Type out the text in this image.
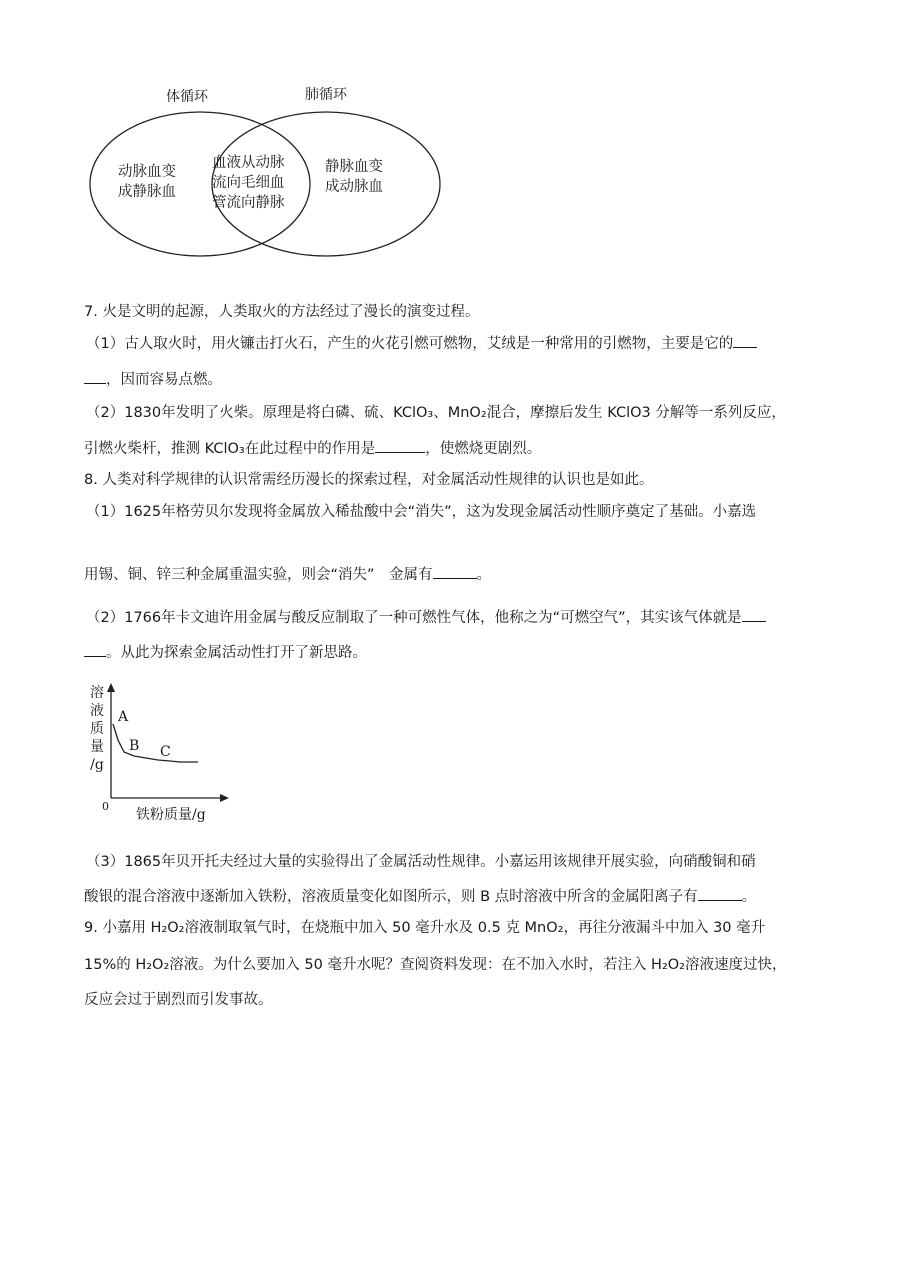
体循环	肺循环
动脉血变
成静脉血
血液从动脉
流向毛细血
管流向静脉
静脉血变
成动脉血
7. 火是文明的起源，人类取火的方法经过了漫长的演变过程。
（1）古人取火时，用火镰击打火石，产生的火花引燃可燃物，艾绒是一种常用的引燃物，主要是它的
，因而容易点燃。
（2）1830年发明了火柴。原理是将白磷、硫、KClO₃、MnO₂混合，摩擦后发生 KClO3 分解等一系列反应，
引燃火柴杆，推测 KClO₃在此过程中的作用是	，使燃烧更剧烈。
8. 人类对科学规律的认识常需经历漫长的探索过程，对金属活动性规律的认识也是如此。
（1）1625年格劳贝尔发现将金属放入稀盐酸中会“消失”，这为发现金属活动性顺序奠定了基础。小嘉选
用锡、铜、锌三种金属重温实验，则会“消失”　金属有	。
（2）1766年卡文迪许用金属与酸反应制取了一种可燃性气体，他称之为“可燃空气”，其实该气体就是
。从此为探索金属活动性打开了新思路。
溶
液
质
量
/g
A
B C
0
铁粉质量/g
（3）1865年贝开托夫经过大量的实验得出了金属活动性规律。小嘉运用该规律开展实验，向硝酸铜和硝
酸银的混合溶液中逐渐加入铁粉，溶液质量变化如图所示，则 B 点时溶液中所含的金属阳离子有	。
9. 小嘉用 H₂O₂溶液制取氧气时，在烧瓶中加入 50 毫升水及 0.5 克 MnO₂，再往分液漏斗中加入 30 毫升
15%的 H₂O₂溶液。为什么要加入 50 毫升水呢？查阅资料发现：在不加入水时，若注入 H₂O₂溶液速度过快，
反应会过于剧烈而引发事故。
